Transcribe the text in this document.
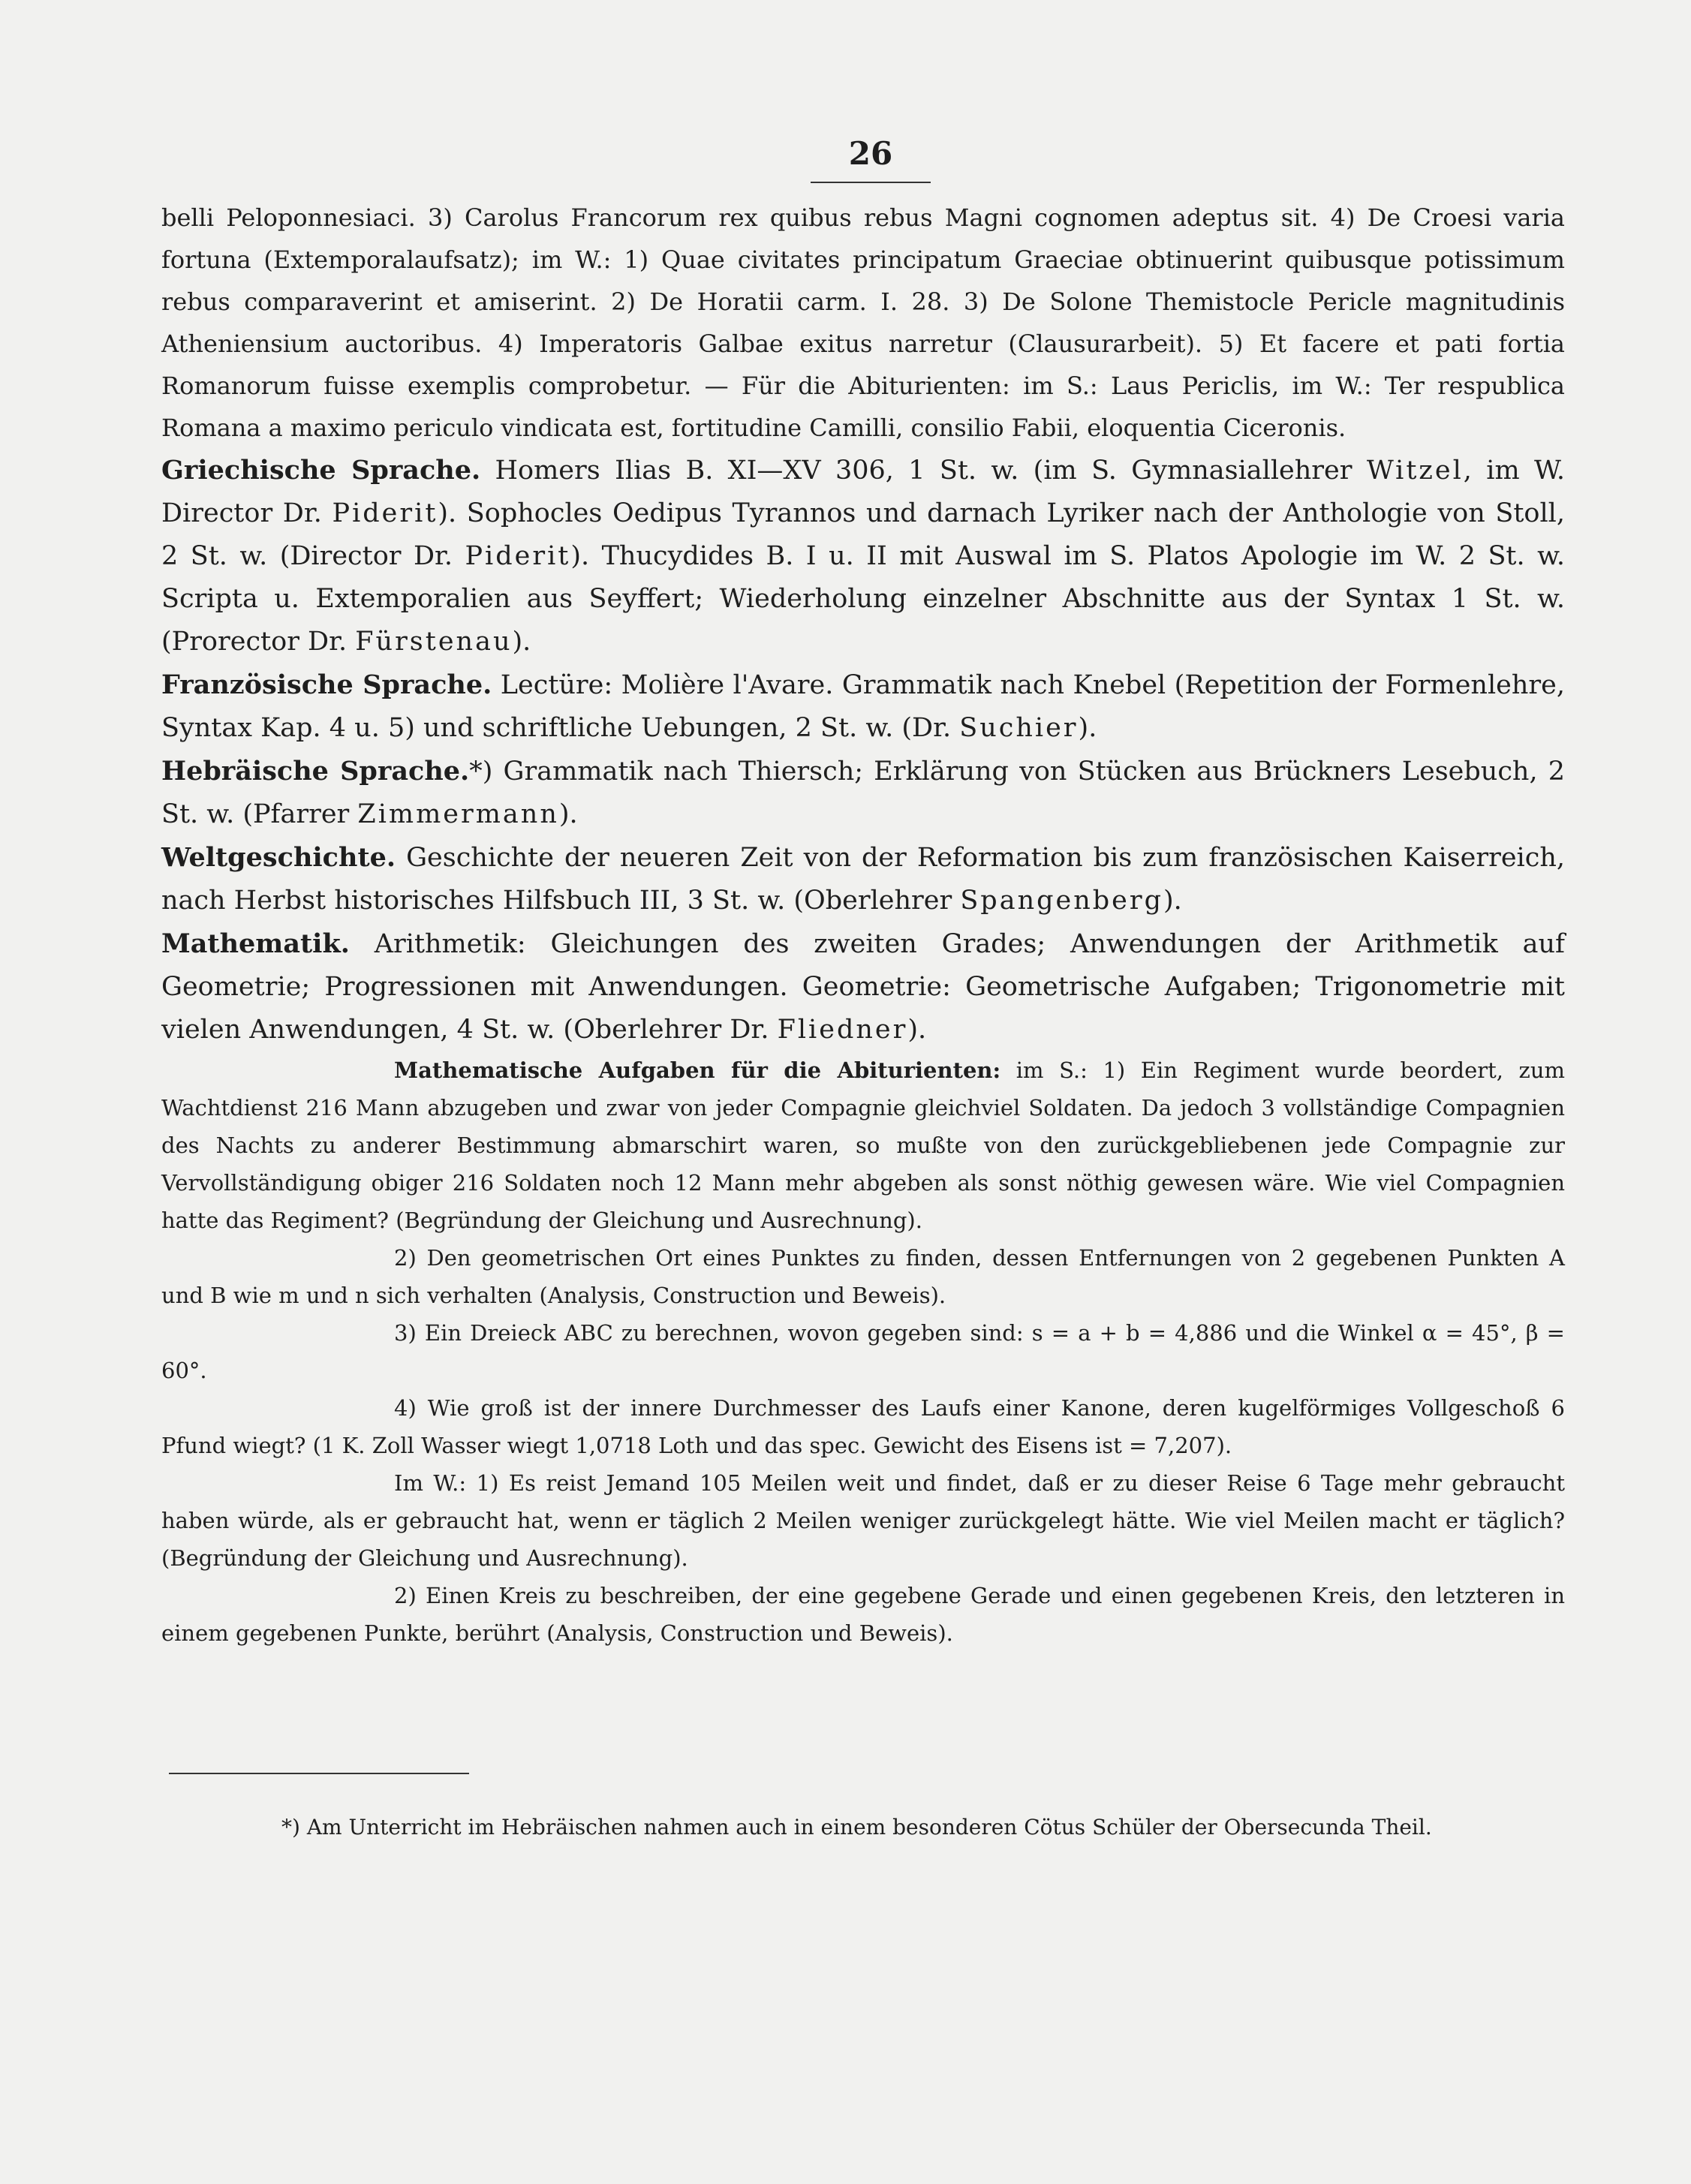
26

belli Peloponnesiaci. 3) Carolus Francorum rex quibus rebus Magni cognomen adeptus sit. 4) De Croesi varia fortuna (Extemporalaufsatz); im W.: 1) Quae civitates principatum Graeciae obtinuerint quibusque potissimum rebus comparaverint et amiserint. 2) De Horatii carm. I. 28. 3) De Solone Themistocle Pericle magnitudinis Atheniensium auctoribus. 4) Imperatoris Galbae exitus narretur (Clausurarbeit). 5) Et facere et pati fortia Romanorum fuisse exemplis comprobetur. — Für die Abiturienten: im S.: Laus Periclis, im W.: Ter respublica Romana a maximo periculo vindicata est, fortitudine Camilli, consilio Fabii, eloquentia Ciceronis.

Griechische Sprache. Homers Ilias B. XI—XV 306, 1 St. w. (im S. Gymnasiallehrer Witzel, im W. Director Dr. Piderit). Sophocles Oedipus Tyrannos und darnach Lyriker nach der Anthologie von Stoll, 2 St. w. (Director Dr. Piderit). Thucydides B. I u. II mit Auswal im S. Platos Apologie im W. 2 St. w. Scripta u. Extemporalien aus Seyffert; Wiederholung einzelner Abschnitte aus der Syntax 1 St. w. (Prorector Dr. Fürstenau).

Französische Sprache. Lectüre: Molière l'Avare. Grammatik nach Knebel (Repetition der Formenlehre, Syntax Kap. 4 u. 5) und schriftliche Uebungen, 2 St. w. (Dr. Suchier).

Hebräische Sprache.*) Grammatik nach Thiersch; Erklärung von Stücken aus Brückners Lesebuch, 2 St. w. (Pfarrer Zimmermann).

Weltgeschichte. Geschichte der neueren Zeit von der Reformation bis zum französischen Kaiserreich, nach Herbst historisches Hilfsbuch III, 3 St. w. (Oberlehrer Spangenberg).

Mathematik. Arithmetik: Gleichungen des zweiten Grades; Anwendungen der Arithmetik auf Geometrie; Progressionen mit Anwendungen. Geometrie: Geometrische Aufgaben; Trigonometrie mit vielen Anwendungen, 4 St. w. (Oberlehrer Dr. Fliedner).

Mathematische Aufgaben für die Abiturienten: im S.: 1) Ein Regiment wurde beordert, zum Wachtdienst 216 Mann abzugeben und zwar von jeder Compagnie gleichviel Soldaten. Da jedoch 3 vollständige Compagnien des Nachts zu anderer Bestimmung abmarschirt waren, so mußte von den zurückgebliebenen jede Compagnie zur Vervollständigung obiger 216 Soldaten noch 12 Mann mehr abgeben als sonst nöthig gewesen wäre. Wie viel Compagnien hatte das Regiment? (Begründung der Gleichung und Ausrechnung).

2) Den geometrischen Ort eines Punktes zu finden, dessen Entfernungen von 2 gegebenen Punkten A und B wie m und n sich verhalten (Analysis, Construction und Beweis).

3) Ein Dreieck ABC zu berechnen, wovon gegeben sind: s = a + b = 4,886 und die Winkel α = 45°, β = 60°.

4) Wie groß ist der innere Durchmesser des Laufs einer Kanone, deren kugelförmiges Vollgeschoß 6 Pfund wiegt? (1 K. Zoll Wasser wiegt 1,0718 Loth und das spec. Gewicht des Eisens ist = 7,207).

Im W.: 1) Es reist Jemand 105 Meilen weit und findet, daß er zu dieser Reise 6 Tage mehr gebraucht haben würde, als er gebraucht hat, wenn er täglich 2 Meilen weniger zurückgelegt hätte. Wie viel Meilen macht er täglich? (Begründung der Gleichung und Ausrechnung).

2) Einen Kreis zu beschreiben, der eine gegebene Gerade und einen gegebenen Kreis, den letzteren in einem gegebenen Punkte, berührt (Analysis, Construction und Beweis).

*) Am Unterricht im Hebräischen nahmen auch in einem besonderen Cötus Schüler der Obersecunda Theil.
